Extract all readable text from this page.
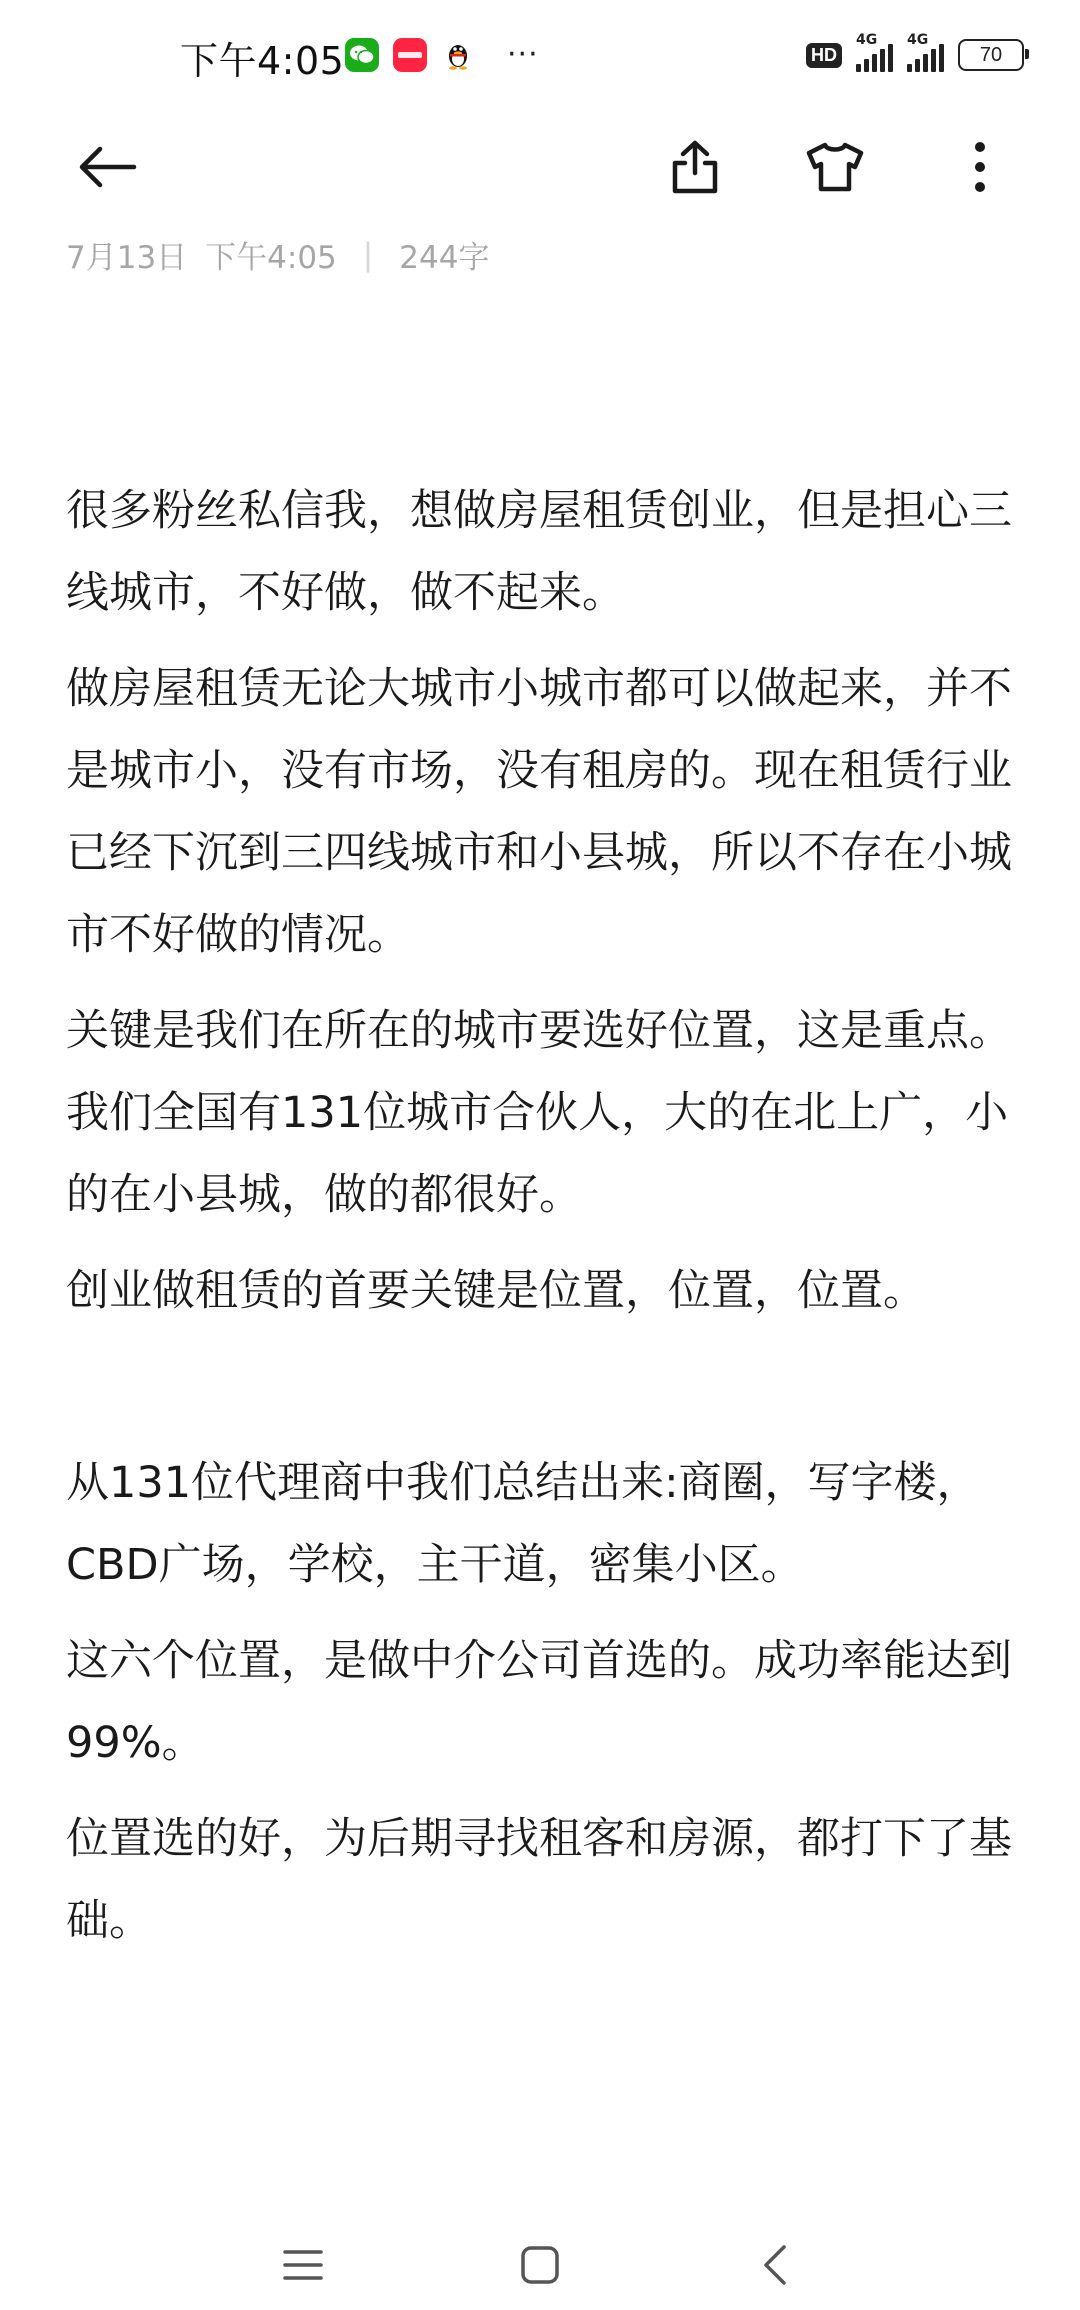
下午4:05	···	HD
4G 4G
70
7月13日 下午4:05 | 244字

很多粉丝私信我，想做房屋租赁创业，但是担心三线城市，不好做，做不起来。

做房屋租赁无论大城市小城市都可以做起来，并不是城市小，没有市场，没有租房的。现在租赁行业已经下沉到三四线城市和小县城，所以不存在小城市不好做的情况。

关键是我们在所在的城市要选好位置，这是重点。我们全国有131位城市合伙人，大的在北上广，小的在小县城，做的都很好。

创业做租赁的首要关键是位置，位置，位置。

从131位代理商中我们总结出来:商圈，写字楼，CBD广场，学校，主干道，密集小区。

这六个位置，是做中介公司首选的。成功率能达到99%。

位置选的好，为后期寻找租客和房源，都打下了基础。
